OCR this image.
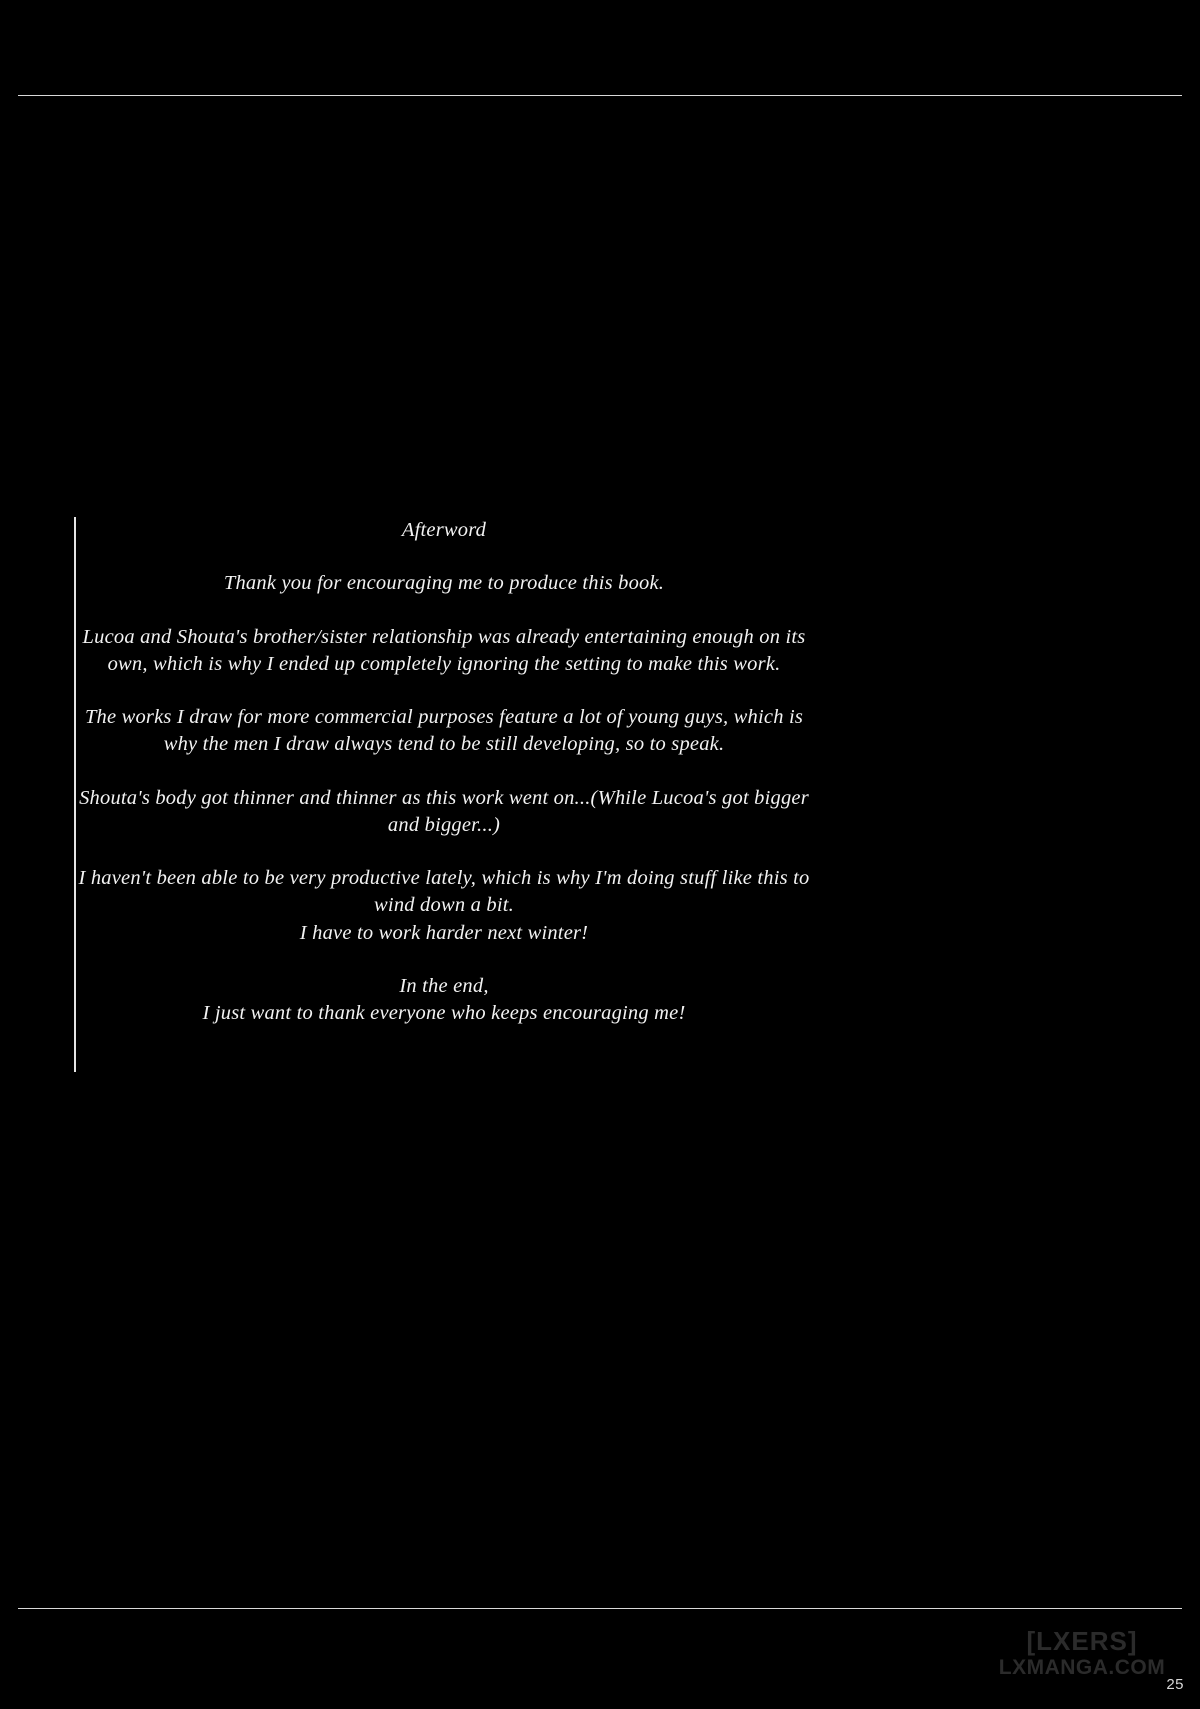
Afterword

Thank you for encouraging me to produce this book.

Lucoa and Shouta's brother/sister relationship was already entertaining enough on its own, which is why I ended up completely ignoring the setting to make this work.

The works I draw for more commercial purposes feature a lot of young guys, which is why the men I draw always tend to be still developing, so to speak.

Shouta's body got thinner and thinner as this work went on...(While Lucoa's got bigger and bigger...)

I haven't been able to be very productive lately, which is why I'm doing stuff like this to wind down a bit.
I have to work harder next winter!

In the end,
I just want to thank everyone who keeps encouraging me!

[LXERS]
LXMANGA.COM
25
